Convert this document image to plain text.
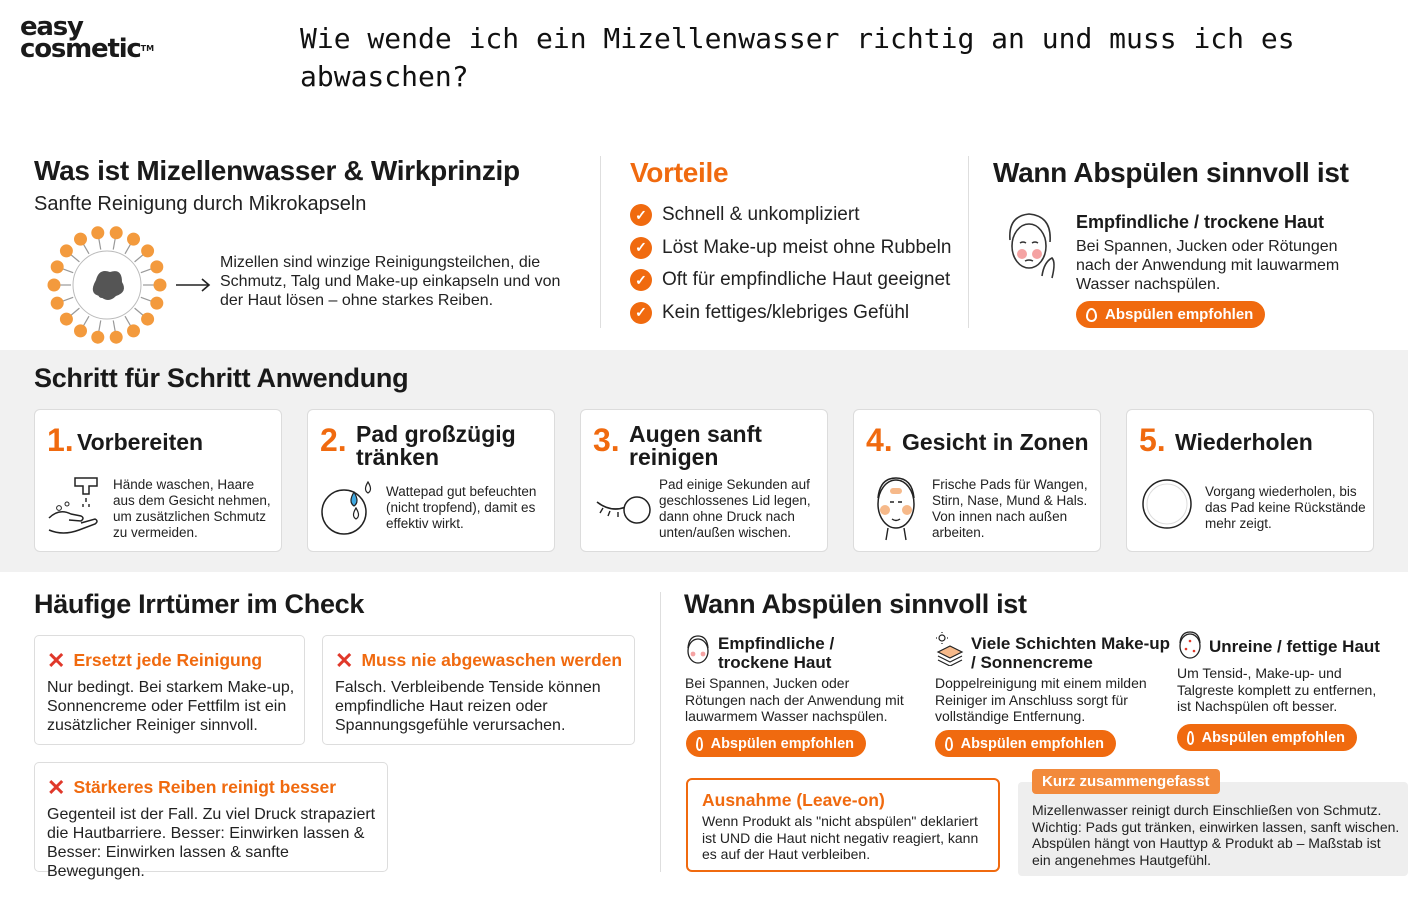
easy
cosmetic™	Wie wende ich ein Mizellenwasser richtig an und muss ich es abwaschen?
Was ist Mizellenwasser & Wirkprinzip
Sanfte Reinigung durch Mikrokapseln
Mizellen sind winzige Reinigungsteilchen, die Schmutz, Talg und Make-up einkapseln und von der Haut lösen – ohne starkes Reiben.
Vorteile
✓ Schnell & unkompliziert
✓ Löst Make-up meist ohne Rubbeln
✓ Oft für empfindliche Haut geeignet
✓ Kein fettiges/klebriges Gefühl
Wann Abspülen sinnvoll ist
Empfindliche / trockene Haut
Bei Spannen, Jucken oder Rötungen nach der Anwendung mit lauwarmem Wasser nachspülen.
Abspülen empfohlen
Schritt für Schritt Anwendung
1. Vorbereiten
Hände waschen, Haare aus dem Gesicht nehmen, um zusätzlichen Schmutz zu vermeiden.
2. Pad großzügig tränken
Wattepad gut befeuchten (nicht tropfend), damit es effektiv wirkt.
3. Augen sanft reinigen
Pad einige Sekunden auf geschlossenes Lid legen, dann ohne Druck nach unten/außen wischen.
4. Gesicht in Zonen
Frische Pads für Wangen, Stirn, Nase, Mund & Hals. Von innen nach außen arbeiten.
5. Wiederholen
Vorgang wiederholen, bis das Pad keine Rückstände mehr zeigt.
Häufige Irrtümer im Check
✕ Ersetzt jede Reinigung
Nur bedingt. Bei starkem Make-up, Sonnencreme oder Fettfilm ist ein zusätzlicher Reiniger sinnvoll.
✕ Muss nie abgewaschen werden
Falsch. Verbleibende Tenside können empfindliche Haut reizen oder Spannungsgefühle verursachen.
✕ Stärkeres Reiben reinigt besser
Gegenteil ist der Fall. Zu viel Druck strapaziert die Hautbarriere. Besser: Einwirken lassen & Besser: Einwirken lassen & sanfte Bewegungen.
Wann Abspülen sinnvoll ist
Empfindliche / trockene Haut
Bei Spannen, Jucken oder Rötungen nach der Anwendung mit lauwarmem Wasser nachspülen.
Abspülen empfohlen
Viele Schichten Make-up / Sonnencreme
Doppelreinigung mit einem milden Reiniger im Anschluss sorgt für vollständige Entfernung.
Abspülen empfohlen
Unreine / fettige Haut
Um Tensid-, Make-up- und Talgreste komplett zu entfernen, ist Nachspülen oft besser.
Abspülen empfohlen
Ausnahme (Leave-on)
Wenn Produkt als "nicht abspülen" deklariert ist UND die Haut nicht negativ reagiert, kann es auf der Haut verbleiben.
Kurz zusammengefasst
Mizellenwasser reinigt durch Einschließen von Schmutz. Wichtig: Pads gut tränken, einwirken lassen, sanft wischen. Abspülen hängt von Hauttyp & Produkt ab – Maßstab ist ein angenehmes Hautgefühl.
